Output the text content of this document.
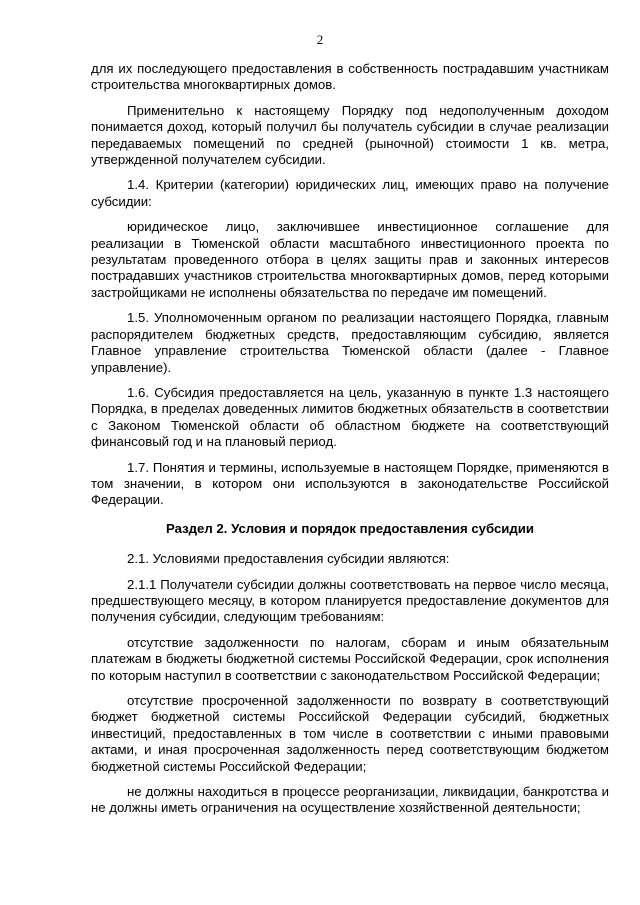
2

для их последующего предоставления в собственность пострадавшим участникам строительства многоквартирных домов.

Применительно к настоящему Порядку под недополученным доходом понимается доход, который получил бы получатель субсидии в случае реализации передаваемых помещений по средней (рыночной) стоимости 1 кв. метра, утвержденной получателем субсидии.

1.4. Критерии (категории) юридических лиц, имеющих право на получение субсидии:

юридическое лицо, заключившее инвестиционное соглашение для реализации в Тюменской области масштабного инвестиционного проекта по результатам проведенного отбора в целях защиты прав и законных интересов пострадавших участников строительства многоквартирных домов, перед которыми застройщиками не исполнены обязательства по передаче им помещений.

1.5. Уполномоченным органом по реализации настоящего Порядка, главным распорядителем бюджетных средств, предоставляющим субсидию, является Главное управление строительства Тюменской области (далее - Главное управление).

1.6. Субсидия предоставляется на цель, указанную в пункте 1.3 настоящего Порядка, в пределах доведенных лимитов бюджетных обязательств в соответствии с Законом Тюменской области об областном бюджете на соответствующий финансовый год и на плановый период.

1.7. Понятия и термины, используемые в настоящем Порядке, применяются в том значении, в котором они используются в законодательстве Российской Федерации.

Раздел 2. Условия и порядок предоставления субсидии

2.1. Условиями предоставления субсидии являются:

2.1.1 Получатели субсидии должны соответствовать на первое число месяца, предшествующего месяцу, в котором планируется предоставление документов для получения субсидии, следующим требованиям:

отсутствие задолженности по налогам, сборам и иным обязательным платежам в бюджеты бюджетной системы Российской Федерации, срок исполнения по которым наступил в соответствии с законодательством Российской Федерации;

отсутствие просроченной задолженности по возврату в соответствующий бюджет бюджетной системы Российской Федерации субсидий, бюджетных инвестиций, предоставленных в том числе в соответствии с иными правовыми актами, и иная просроченная задолженность перед соответствующим бюджетом бюджетной системы Российской Федерации;

не должны находиться в процессе реорганизации, ликвидации, банкротства и не должны иметь ограничения на осуществление хозяйственной деятельности;
